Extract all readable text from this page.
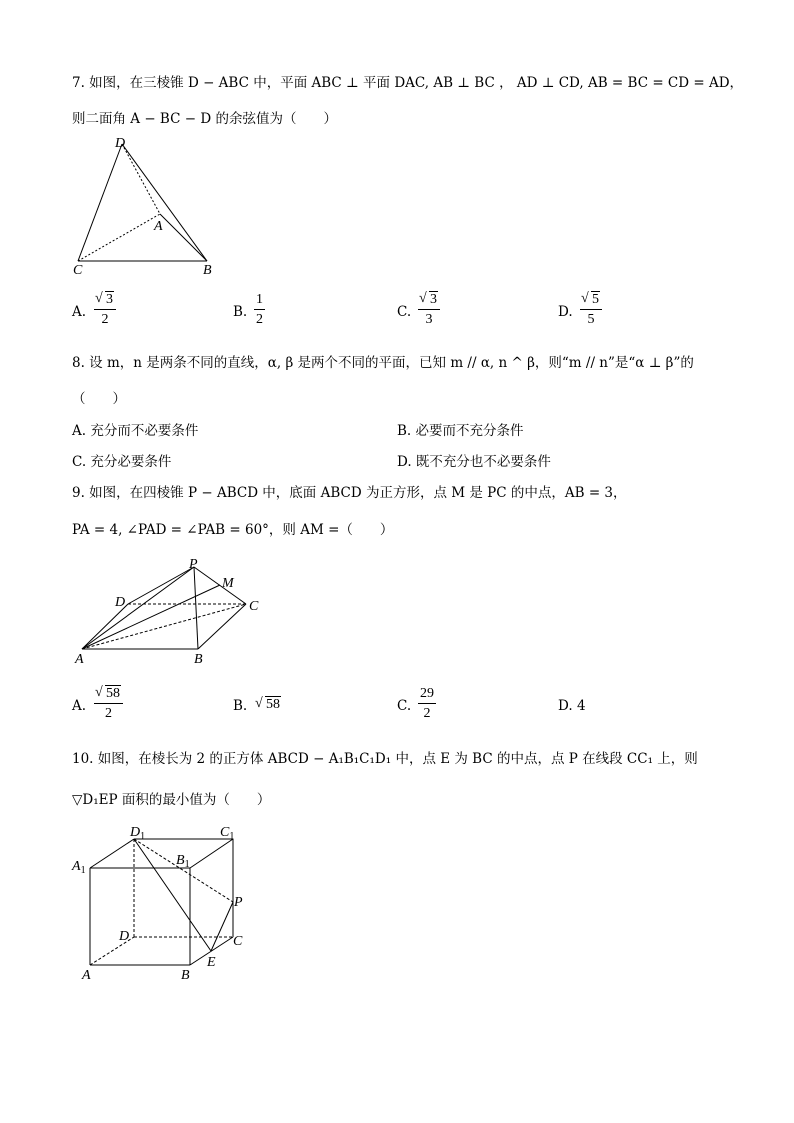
7. 如图，在三棱锥 D − ABC 中，平面 ABC ⊥ 平面 DAC, AB ⊥ BC ， AD ⊥ CD, AB = BC = CD = AD，
则二面角 A − BC − D 的余弦值为（　　）
D
A
C	B
A. √ $\frac{3}{2}$	B. $\frac{1}{2}$	C. √ $\frac{3}{3}$	D. √ $\frac{5}{5}$
8. 设 m，n 是两条不同的直线，α, β 是两个不同的平面，已知 m // α, n ^ β，则“m // n”是“α ⊥ β”的
（　　）
A. 充分而不必要条件	B. 必要而不充分条件
C. 充分必要条件	D. 既不充分也不必要条件
9. 如图，在四棱锥 P − ABCD 中，底面 ABCD 为正方形，点 M 是 PC 的中点，AB = 3，
PA = 4, ∠PAD = ∠PAB = 60°，则 AM =（　　）
P
M
D	C
A	B
A. √ $\frac{58}{2}$	B.	√ 58	C. $\frac{29}{2}$	D. 4
10. 如图，在棱长为 2 的正方体 ABCD − A₁B₁C₁D₁ 中，点 E 为 BC 的中点，点 P 在线段 CC₁ 上，则
▽D₁EP 面积的最小值为（　　）
$D_1$	$C_1$
$A_1$
$B_1$
P
D	C
E
A	B
